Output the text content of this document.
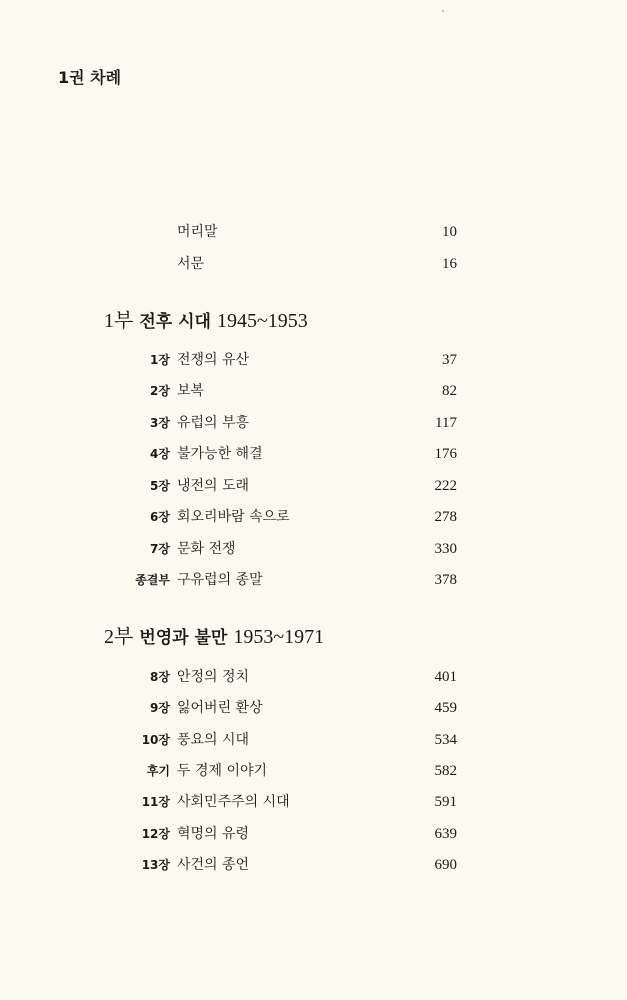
1권 차례
머리말	10
서문	16
1부 전후 시대 1945~1953
1장 전쟁의 유산	37
2장 보복	82
3장 유럽의 부흥	117
4장 불가능한 해결	176
5장 냉전의 도래	222
6장 회오리바람 속으로	278
7장 문화 전쟁	330
종결부 구유럽의 종말	378
2부 번영과 불만 1953~1971
8장 안정의 정치	401
9장 잃어버린 환상	459
10장 풍요의 시대	534
후기 두 경제 이야기	582
11장 사회민주주의 시대	591
12장 혁명의 유령	639
13장 사건의 종언	690
